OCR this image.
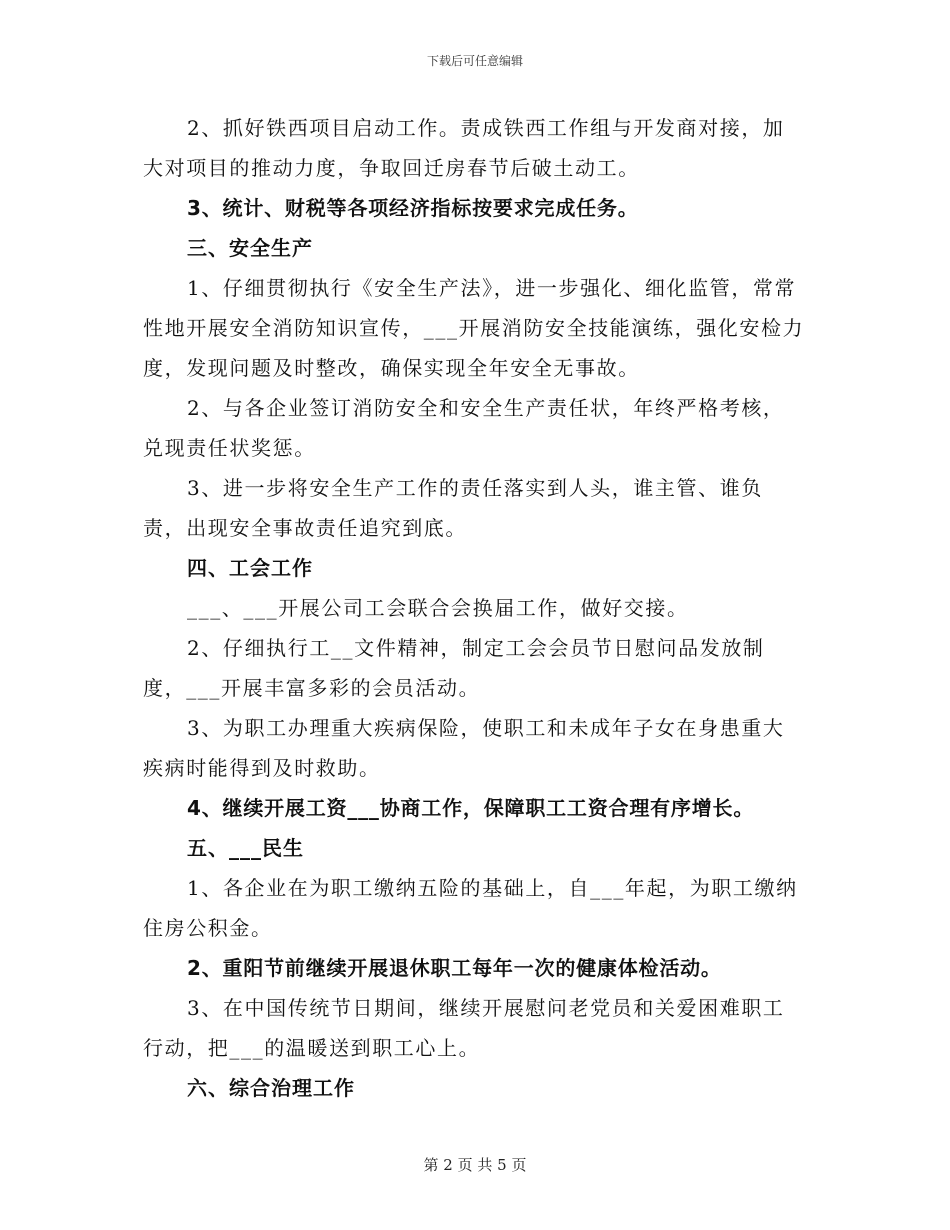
下载后可任意编辑

2、抓好铁西项目启动工作。责成铁西工作组与开发商对接，加大对项目的推动力度，争取回迁房春节后破土动工。

3、统计、财税等各项经济指标按要求完成任务。

三、安全生产

1、仔细贯彻执行《安全生产法》，进一步强化、细化监管，常常性地开展安全消防知识宣传，___开展消防安全技能演练，强化安检力度，发现问题及时整改，确保实现全年安全无事故。

2、与各企业签订消防安全和安全生产责任状，年终严格考核，兑现责任状奖惩。

3、进一步将安全生产工作的责任落实到人头，谁主管、谁负责，出现安全事故责任追究到底。

四、工会工作

___、___开展公司工会联合会换届工作，做好交接。

2、仔细执行工__文件精神，制定工会会员节日慰问品发放制度，___开展丰富多彩的会员活动。

3、为职工办理重大疾病保险，使职工和未成年子女在身患重大疾病时能得到及时救助。

4、继续开展工资___协商工作，保障职工工资合理有序增长。

五、___民生

1、各企业在为职工缴纳五险的基础上，自___年起，为职工缴纳住房公积金。

2、重阳节前继续开展退休职工每年一次的健康体检活动。

3、在中国传统节日期间，继续开展慰问老党员和关爱困难职工行动，把___的温暖送到职工心上。

六、综合治理工作

第 2 页 共 5 页
